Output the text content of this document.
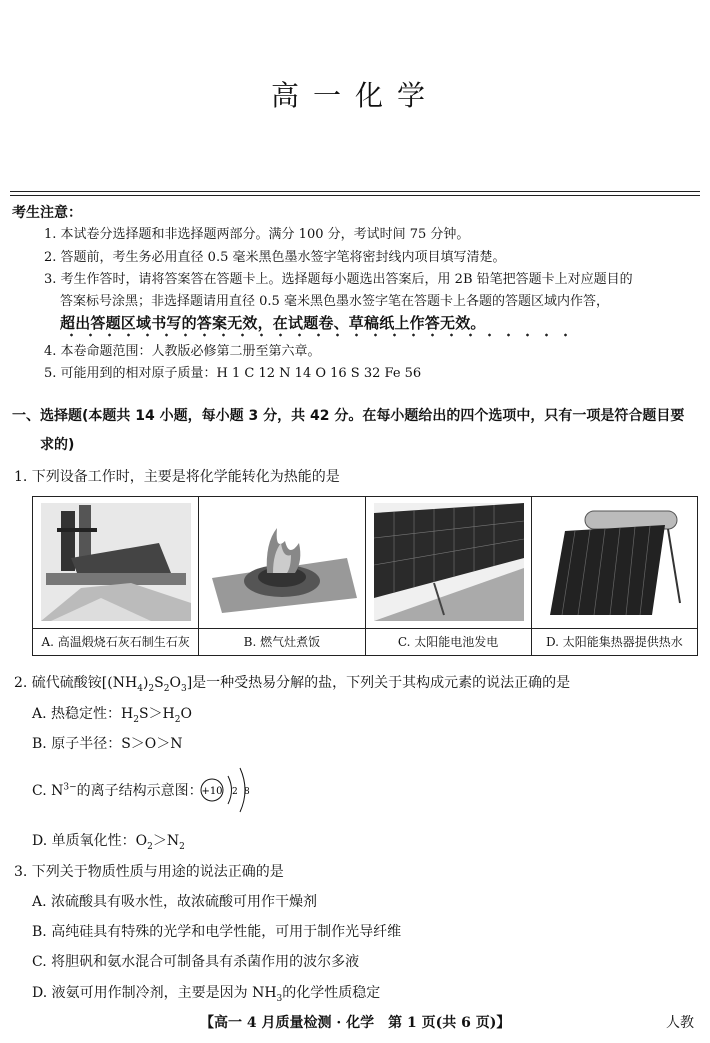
高一化学
考生注意：
1. 本试卷分选择题和非选择题两部分。满分 100 分，考试时间 75 分钟。
2. 答题前，考生务必用直径 0.5 毫米黑色墨水签字笔将密封线内项目填写清楚。
3. 考生作答时，请将答案答在答题卡上。选择题每小题选出答案后，用 2B 铅笔把答题卡上对应题目的
答案标号涂黑；非选择题请用直径 0.5 毫米黑色墨水签字笔在答题卡上各题的答题区域内作答，
超出答题区域书写的答案无效，在试题卷、草稿纸上作答无效。
4. 本卷命题范围：人教版必修第二册至第六章。
5. 可能用到的相对原子质量：H 1 C 12 N 14 O 16 S 32 Fe 56
一、选择题(本题共 14 小题，每小题 3 分，共 42 分。在每小题给出的四个选项中，只有一项是符合题目要
求的)
1. 下列设备工作时，主要是将化学能转化为热能的是
A. 高温煅烧石灰石制生石灰	B. 燃气灶煮饭	C. 太阳能电池发电	D. 太阳能集热器提供热水
2. 硫代硫酸铵$[(NH_4)_2S_2O_3]$是一种受热易分解的盐，下列关于其构成元素的说法正确的是
A. 热稳定性：$H_2S>H_2O$
B. 原子半径：S＞O＞N
C. $N^{3-}$的离子结构示意图：
+10 2 8
D. 单质氧化性：$O_2>N_2$
3. 下列关于物质性质与用途的说法正确的是
A. 浓硫酸具有吸水性，故浓硫酸可用作干燥剂
B. 高纯硅具有特殊的光学和电学性能，可用于制作光导纤维
C. 将胆矾和氨水混合可制备具有杀菌作用的波尔多液
D. 液氨可用作制冷剂，主要是因为 $NH_3$的化学性质稳定
【高一 4 月质量检测 · 化学　第 1 页(共 6 页)】	人教
